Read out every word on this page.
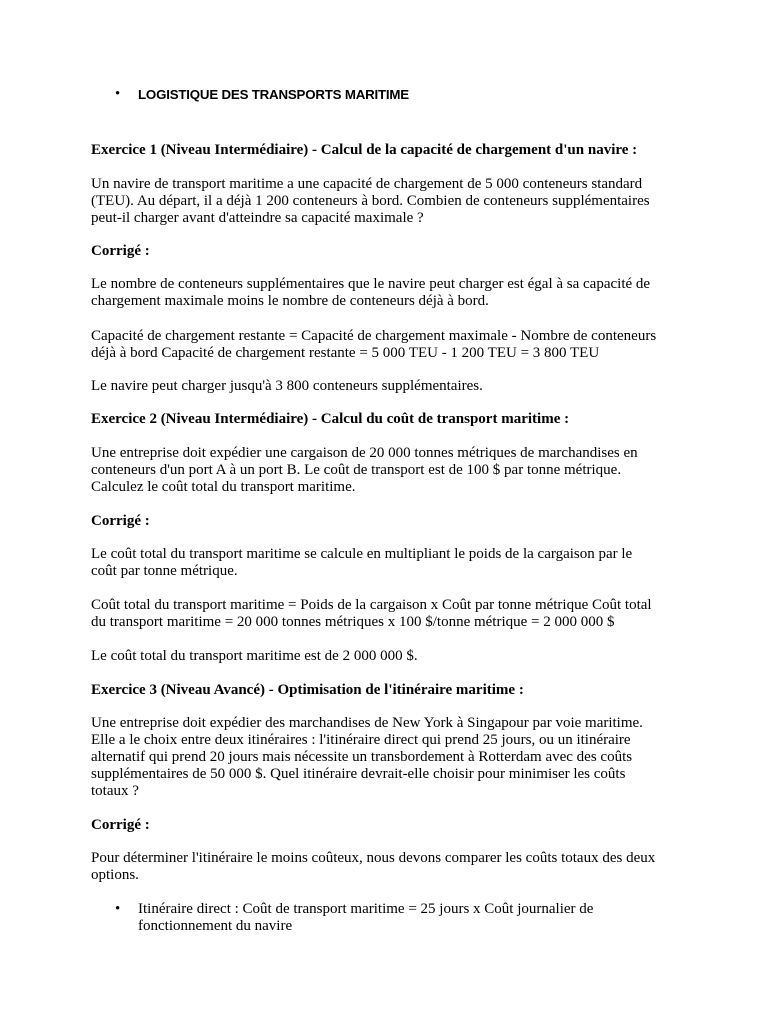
• LOGISTIQUE DES TRANSPORTS MARITIME
Exercice 1 (Niveau Intermédiaire) - Calcul de la capacité de chargement d'un navire :
Un navire de transport maritime a une capacité de chargement de 5 000 conteneurs standard
(TEU). Au départ, il a déjà 1 200 conteneurs à bord. Combien de conteneurs supplémentaires
peut-il charger avant d'atteindre sa capacité maximale ?
Corrigé :
Le nombre de conteneurs supplémentaires que le navire peut charger est égal à sa capacité de
chargement maximale moins le nombre de conteneurs déjà à bord.
Capacité de chargement restante = Capacité de chargement maximale - Nombre de conteneurs
déjà à bord Capacité de chargement restante = 5 000 TEU - 1 200 TEU = 3 800 TEU
Le navire peut charger jusqu'à 3 800 conteneurs supplémentaires.
Exercice 2 (Niveau Intermédiaire) - Calcul du coût de transport maritime :
Une entreprise doit expédier une cargaison de 20 000 tonnes métriques de marchandises en
conteneurs d'un port A à un port B. Le coût de transport est de 100 $ par tonne métrique.
Calculez le coût total du transport maritime.
Corrigé :
Le coût total du transport maritime se calcule en multipliant le poids de la cargaison par le
coût par tonne métrique.
Coût total du transport maritime = Poids de la cargaison x Coût par tonne métrique Coût total
du transport maritime = 20 000 tonnes métriques x 100 $/tonne métrique = 2 000 000 $
Le coût total du transport maritime est de 2 000 000 $.
Exercice 3 (Niveau Avancé) - Optimisation de l'itinéraire maritime :
Une entreprise doit expédier des marchandises de New York à Singapour par voie maritime.
Elle a le choix entre deux itinéraires : l'itinéraire direct qui prend 25 jours, ou un itinéraire
alternatif qui prend 20 jours mais nécessite un transbordement à Rotterdam avec des coûts
supplémentaires de 50 000 $. Quel itinéraire devrait-elle choisir pour minimiser les coûts
totaux ?
Corrigé :
Pour déterminer l'itinéraire le moins coûteux, nous devons comparer les coûts totaux des deux
options.
• Itinéraire direct : Coût de transport maritime = 25 jours x Coût journalier de
fonctionnement du navire
